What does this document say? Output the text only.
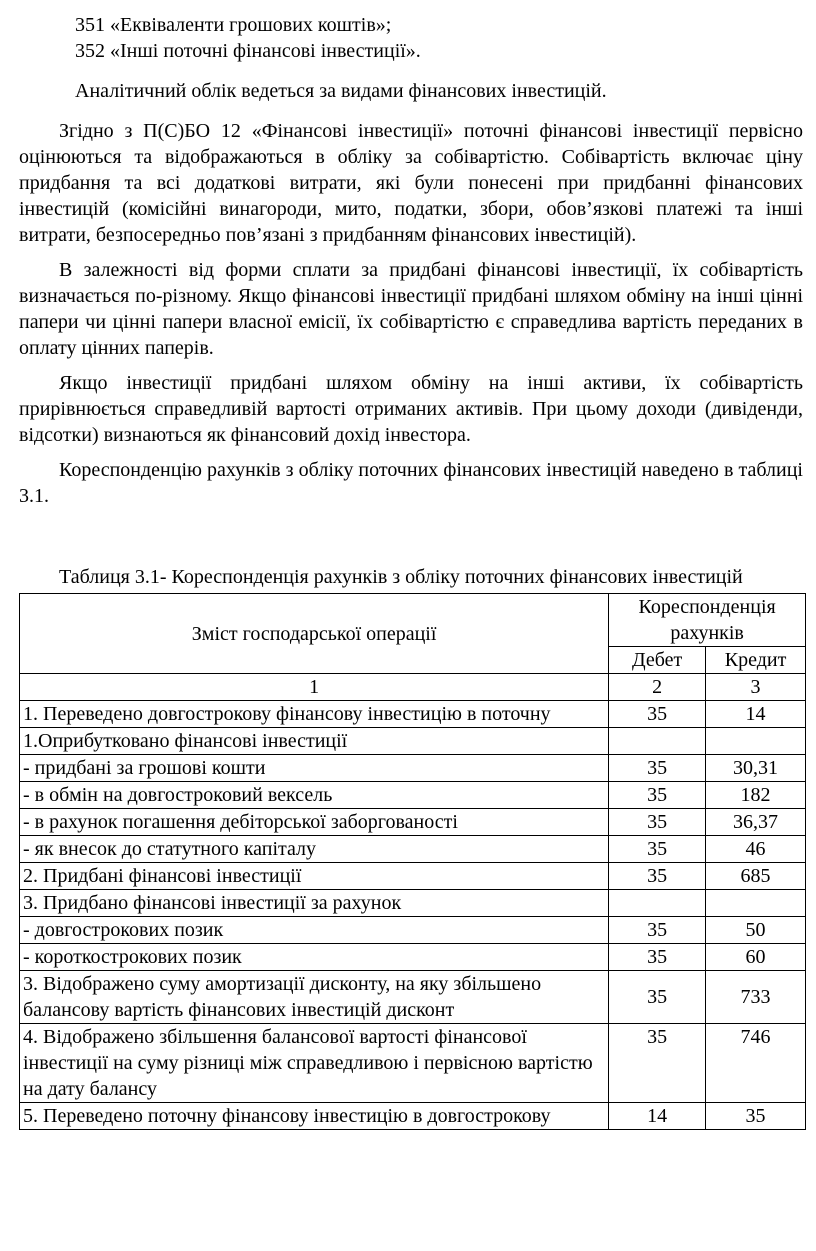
351 «Еквіваленти грошових коштів»;

352 «Інші поточні фінансові інвестиції».

Аналітичний облік ведеться за видами фінансових інвестицій.

Згідно з П(С)БО 12 «Фінансові інвестиції» поточні фінансові інвестиції первісно оцінюються та відображаються в обліку за собівартістю. Собівартість включає ціну придбання та всі додаткові витрати, які були понесені при придбанні фінансових інвестицій (комісійні винагороди, мито, податки, збори, обов’язкові платежі та інші витрати, безпосередньо пов’язані з придбанням фінансових інвестицій).

В залежності від форми сплати за придбані фінансові інвестиції, їх собівартість визначається по-різному. Якщо фінансові інвестиції придбані шляхом обміну на інші цінні папери чи цінні папери власної емісії, їх собівартістю є справедлива вартість переданих в оплату цінних паперів.

Якщо інвестиції придбані шляхом обміну на інші активи, їх собівартість прирівнюється справедливій вартості отриманих активів. При цьому доходи (дивіденди, відсотки) визнаються як фінансовий дохід інвестора.

Кореспонденцію рахунків з обліку поточних фінансових інвестицій наведено в таблиці 3.1.

Таблиця 3.1- Кореспонденція рахунків з обліку поточних фінансових інвестицій

Зміст господарської операції	Кореспонденція рахунків	
	Дебет	Кредит
1	2	3
1. Переведено довгострокову фінансову інвестицію в поточну	35	14
1.Оприбутковано фінансові інвестиції		
- придбані за грошові кошти	35	30,31
- в обмін на довгостроковий вексель	35	182
- в рахунок погашення дебіторської заборгованості	35	36,37
- як внесок до статутного капіталу	35	46
2. Придбані фінансові інвестиції	35	685
3. Придбано фінансові інвестиції за рахунок		
- довгострокових позик	35	50
- короткострокових позик	35	60
3. Відображено суму амортизації дисконту, на яку збільшено балансову вартість фінансових інвестицій дисконт	35	733
4. Відображено збільшення балансової вартості фінансової інвестиції на суму різниці між справедливою і первісною вартістю на дату балансу	35	746
5. Переведено поточну фінансову інвестицію в довгострокову	14	35
